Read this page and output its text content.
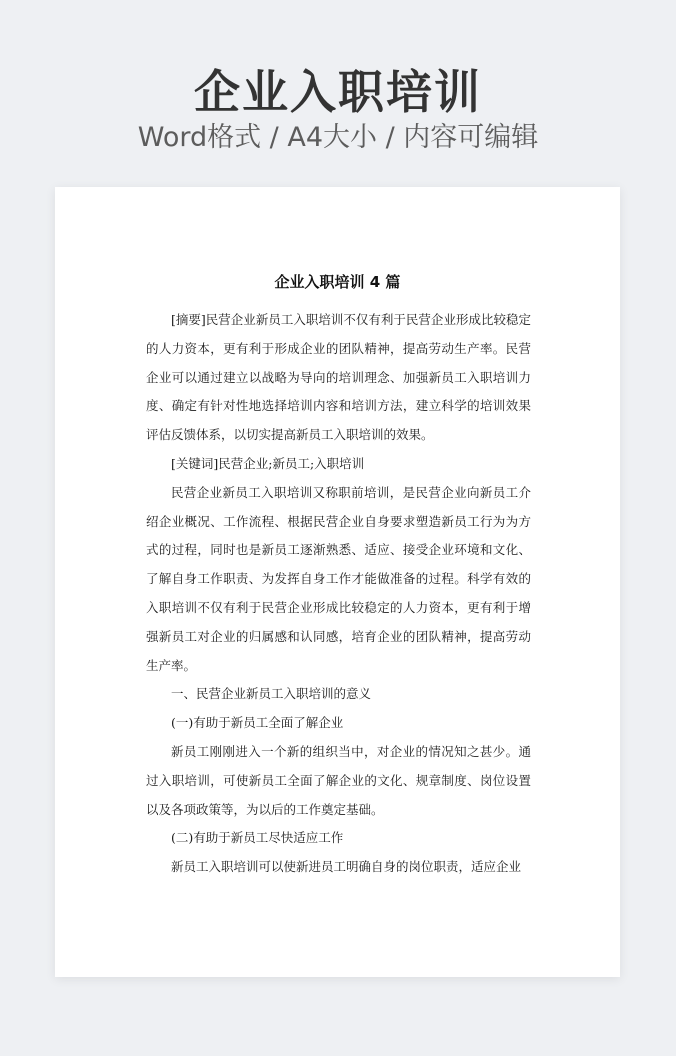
企业入职培训
Word格式 / A4大小 / 内容可编辑
企业入职培训 4 篇

[摘要]民营企业新员工入职培训不仅有利于民营企业形成比较稳定的人力资本，更有利于形成企业的团队精神，提高劳动生产率。民营企业可以通过建立以战略为导向的培训理念、加强新员工入职培训力度、确定有针对性地选择培训内容和培训方法，建立科学的培训效果评估反馈体系，以切实提高新员工入职培训的效果。

[关键词]民营企业;新员工;入职培训

民营企业新员工入职培训又称职前培训，是民营企业向新员工介绍企业概况、工作流程、根据民营企业自身要求塑造新员工行为为方式的过程，同时也是新员工逐渐熟悉、适应、接受企业环境和文化、了解自身工作职责、为发挥自身工作才能做准备的过程。科学有效的入职培训不仅有利于民营企业形成比较稳定的人力资本，更有利于增强新员工对企业的归属感和认同感，培育企业的团队精神，提高劳动生产率。

一、民营企业新员工入职培训的意义

(一)有助于新员工全面了解企业

新员工刚刚进入一个新的组织当中，对企业的情况知之甚少。通过入职培训，可使新员工全面了解企业的文化、规章制度、岗位设置以及各项政策等，为以后的工作奠定基础。

(二)有助于新员工尽快适应工作

新员工入职培训可以使新进员工明确自身的岗位职责，适应企业
